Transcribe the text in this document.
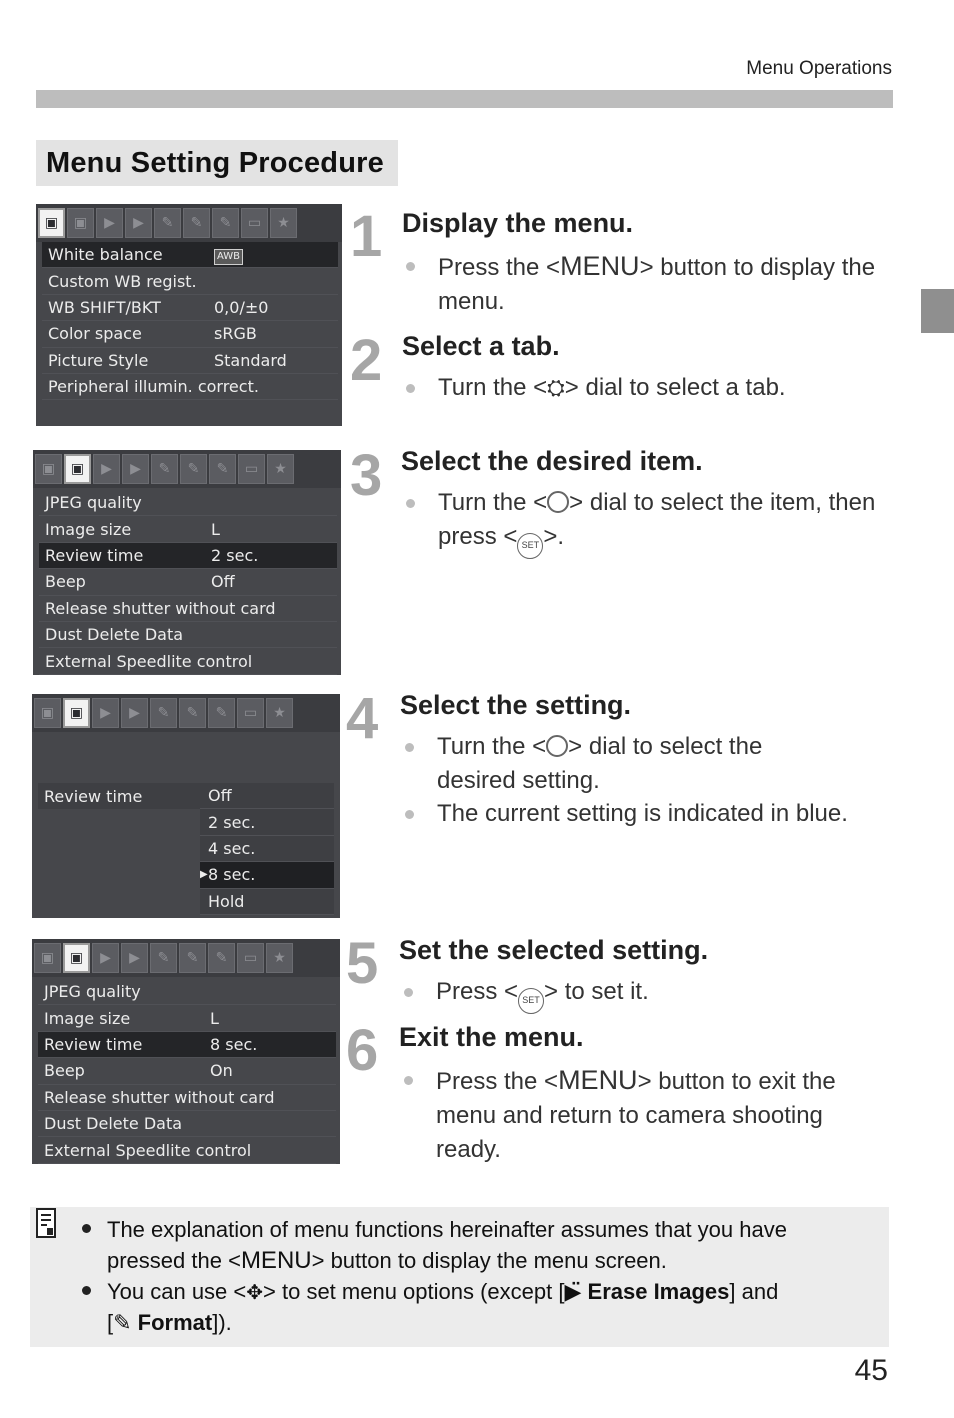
Menu Operations
Menu Setting Procedure
▣	▣	▶	▶	✎	✎	✎	▭	★
White balance	AWB
Custom WB regist.
WB SHIFT/BKT	0,0/±0
Color space	sRGB
Picture Style	Standard
Peripheral illumin. correct.
▣	▣	▶	▶	✎	✎	✎	▭	★
JPEG quality
Image size	L
Review time	2 sec.
Beep	Off
Release shutter without card
Dust Delete Data
External Speedlite control
▣	▣	▶	▶	✎	✎	✎	▭	★
Review time	Off
2 sec.
4 sec.
▶ 8 sec.
Hold
▣	▣	▶	▶	✎	✎	✎	▭	★
JPEG quality
Image size	L
Review time	8 sec.
Beep	On
Release shutter without card
Dust Delete Data
External Speedlite control
1 Display the menu.
Press the <MENU> button to display the menu.
2 Select a tab.
Turn the <⛭> dial to select a tab.
3 Select the desired item.
Turn the < > dial to select the item, then press < SET >.
4 Select the setting.
Turn the < > dial to select the desired setting.
The current setting is indicated in blue.
5 Set the selected setting.
Press < SET > to set it.
6 Exit the menu.
Press the <MENU> button to exit the menu and return to camera shooting ready.
The explanation of menu functions hereinafter assumes that you have
pressed the <MENU> button to display the menu screen.
You can use <✥> to set menu options (except [▶̈ Erase Images] and
[✎ Format]).
45
